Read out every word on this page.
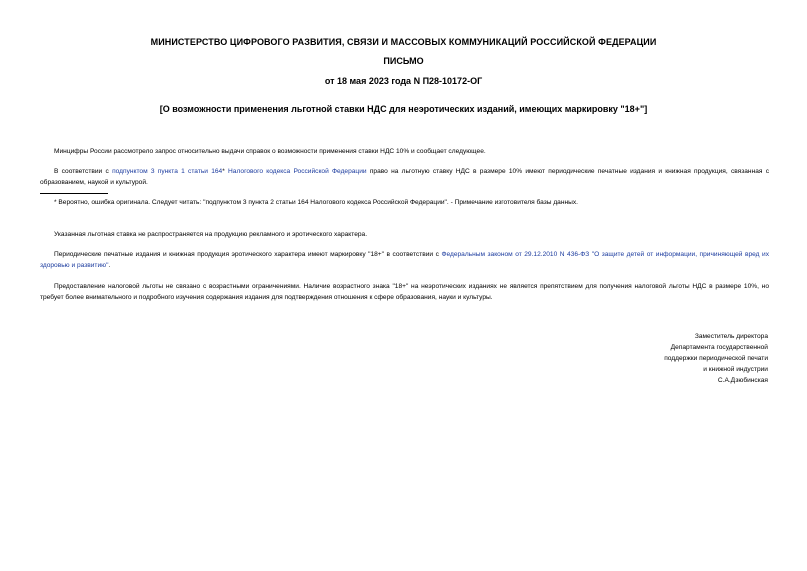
МИНИСТЕРСТВО ЦИФРОВОГО РАЗВИТИЯ, СВЯЗИ И МАССОВЫХ КОММУНИКАЦИЙ РОССИЙСКОЙ ФЕДЕРАЦИИ
ПИСЬМО
от 18 мая 2023 года N П28-10172-ОГ
[О возможности применения льготной ставки НДС для неэротических изданий, имеющих маркировку "18+"]
Минцифры России рассмотрело запрос относительно выдачи справок о возможности применения ставки НДС 10% и сообщает следующее.
В соответствии с подпунктом 3 пункта 1 статьи 164* Налогового кодекса Российской Федерации право на льготную ставку НДС в размере 10% имеют периодические печатные издания и книжная продукция, связанная с образованием, наукой и культурой.
* Вероятно, ошибка оригинала. Следует читать: "подпунктом 3 пункта 2 статьи 164 Налогового кодекса Российской Федерации". - Примечание изготовителя базы данных.
Указанная льготная ставка не распространяется на продукцию рекламного и эротического характера.
Периодические печатные издания и книжная продукция эротического характера имеют маркировку "18+" в соответствии с Федеральным законом от 29.12.2010 N 436-ФЗ "О защите детей от информации, причиняющей вред их здоровью и развитию".
Предоставление налоговой льготы не связано с возрастными ограничениями. Наличие возрастного знака "18+" на неэротических изданиях не является препятствием для получения налоговой льготы НДС в размере 10%, но требует более внимательного и подробного изучения содержания издания для подтверждения отношения к сфере образования, науки и культуры.
Заместитель директора
Департамента государственной
поддержки периодической печати
и книжной индустрии
С.А.Дзюбинская
